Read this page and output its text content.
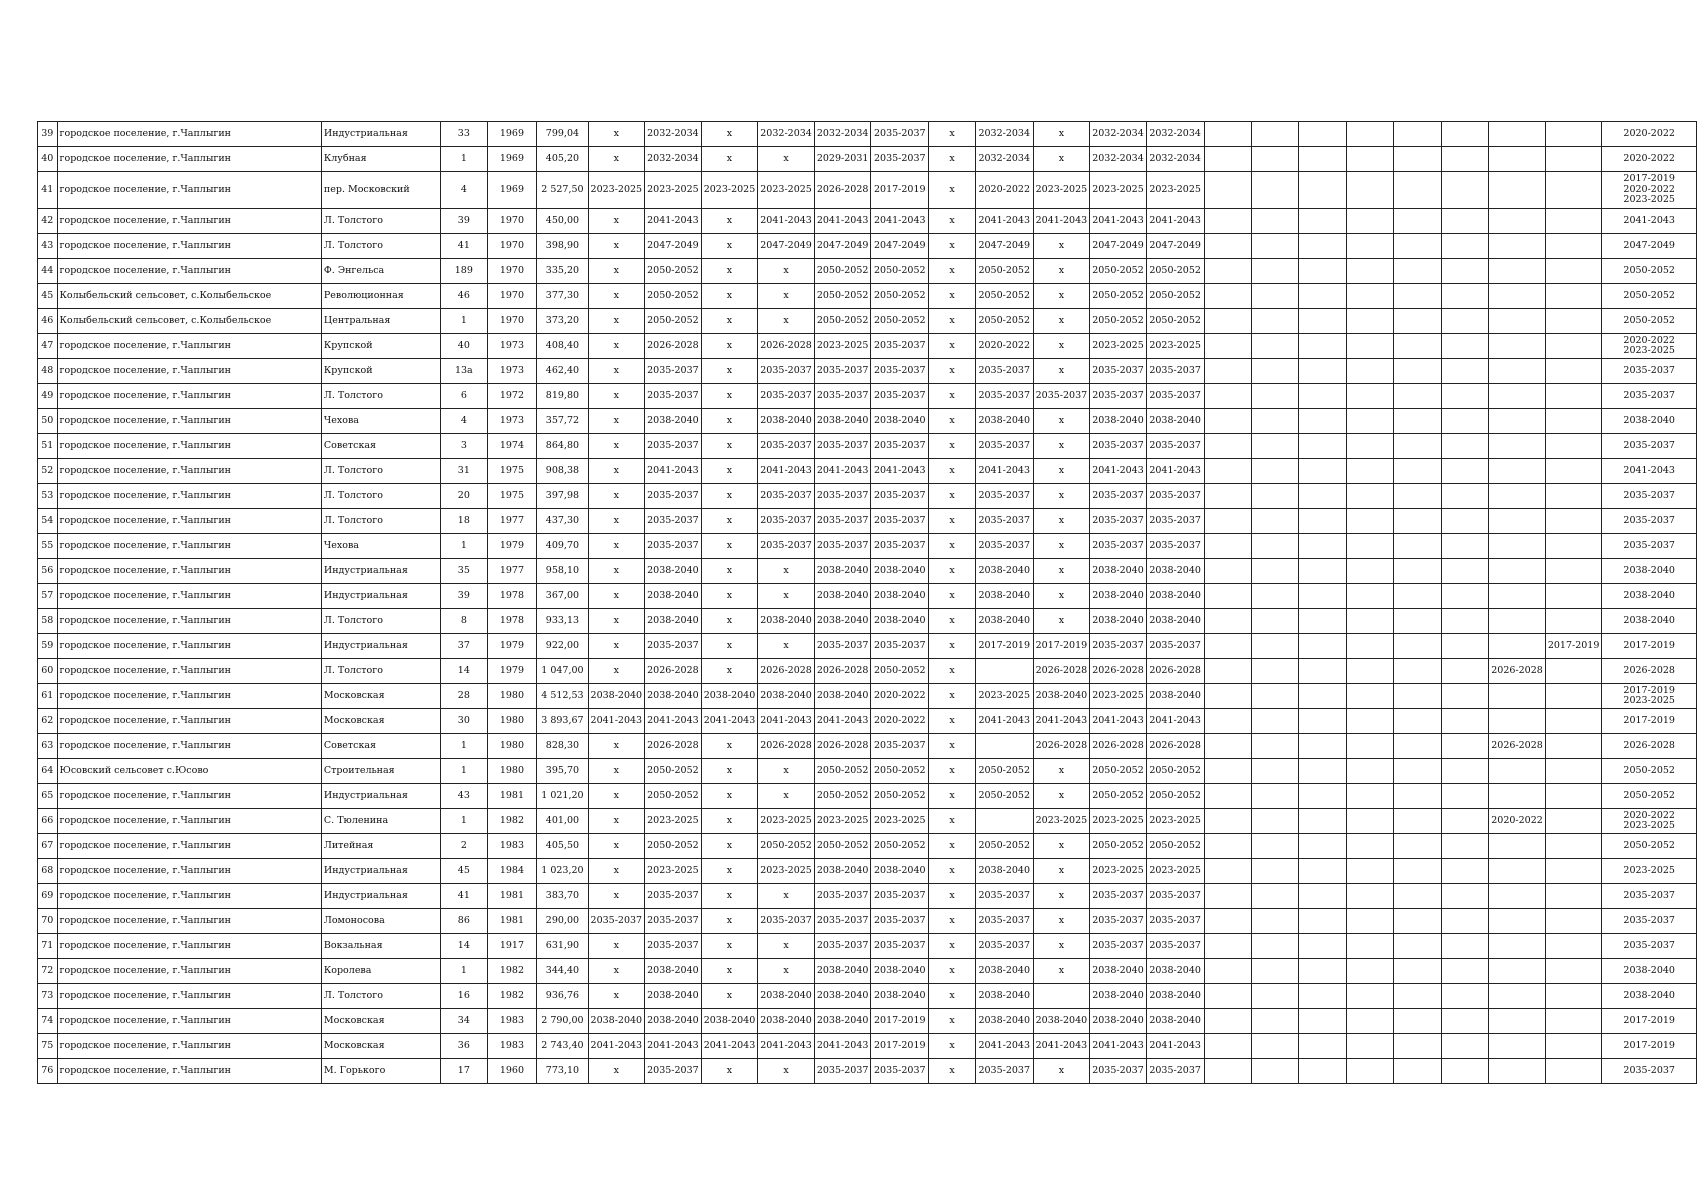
39	городское поселение, г.Чаплыгин	Индустриальная	33	1969	799,04	х	2032-2034	х	2032-2034	2032-2034	2035-2037	х	2032-2034	х	2032-2034	2032-2034									2020-2022
40	городское поселение, г.Чаплыгин	Клубная	1	1969	405,20	х	2032-2034	х	х	2029-2031	2035-2037	х	2032-2034	х	2032-2034	2032-2034									2020-2022
41	городское поселение, г.Чаплыгин	пер. Московский	4	1969	2 527,50	2023-2025	2023-2025	2023-2025	2023-2025	2026-2028	2017-2019	х	2020-2022	2023-2025	2023-2025	2023-2025									2017-2019
2020-2022
2023-2025
42	городское поселение, г.Чаплыгин	Л. Толстого	39	1970	450,00	х	2041-2043	х	2041-2043	2041-2043	2041-2043	х	2041-2043	2041-2043	2041-2043	2041-2043									2041-2043
43	городское поселение, г.Чаплыгин	Л. Толстого	41	1970	398,90	х	2047-2049	х	2047-2049	2047-2049	2047-2049	х	2047-2049	х	2047-2049	2047-2049									2047-2049
44	городское поселение, г.Чаплыгин	Ф. Энгельса	189	1970	335,20	х	2050-2052	х	х	2050-2052	2050-2052	х	2050-2052	х	2050-2052	2050-2052									2050-2052
45	Колыбельский сельсовет, с.Колыбельское	Революционная	46	1970	377,30	х	2050-2052	х	х	2050-2052	2050-2052	х	2050-2052	х	2050-2052	2050-2052									2050-2052
46	Колыбельский сельсовет, с.Колыбельское	Центральная	1	1970	373,20	х	2050-2052	х	х	2050-2052	2050-2052	х	2050-2052	х	2050-2052	2050-2052									2050-2052
47	городское поселение, г.Чаплыгин	Крупской	40	1973	408,40	х	2026-2028	х	2026-2028	2023-2025	2035-2037	х	2020-2022	х	2023-2025	2023-2025									2020-2022
2023-2025
48	городское поселение, г.Чаплыгин	Крупской	13а	1973	462,40	х	2035-2037	х	2035-2037	2035-2037	2035-2037	х	2035-2037	х	2035-2037	2035-2037									2035-2037
49	городское поселение, г.Чаплыгин	Л. Толстого	6	1972	819,80	х	2035-2037	х	2035-2037	2035-2037	2035-2037	х	2035-2037	2035-2037	2035-2037	2035-2037									2035-2037
50	городское поселение, г.Чаплыгин	Чехова	4	1973	357,72	х	2038-2040	х	2038-2040	2038-2040	2038-2040	х	2038-2040	х	2038-2040	2038-2040									2038-2040
51	городское поселение, г.Чаплыгин	Советская	3	1974	864,80	х	2035-2037	х	2035-2037	2035-2037	2035-2037	х	2035-2037	х	2035-2037	2035-2037									2035-2037
52	городское поселение, г.Чаплыгин	Л. Толстого	31	1975	908,38	х	2041-2043	х	2041-2043	2041-2043	2041-2043	х	2041-2043	х	2041-2043	2041-2043									2041-2043
53	городское поселение, г.Чаплыгин	Л. Толстого	20	1975	397,98	х	2035-2037	х	2035-2037	2035-2037	2035-2037	х	2035-2037	х	2035-2037	2035-2037									2035-2037
54	городское поселение, г.Чаплыгин	Л. Толстого	18	1977	437,30	х	2035-2037	х	2035-2037	2035-2037	2035-2037	х	2035-2037	х	2035-2037	2035-2037									2035-2037
55	городское поселение, г.Чаплыгин	Чехова	1	1979	409,70	х	2035-2037	х	2035-2037	2035-2037	2035-2037	х	2035-2037	х	2035-2037	2035-2037									2035-2037
56	городское поселение, г.Чаплыгин	Индустриальная	35	1977	958,10	х	2038-2040	х	х	2038-2040	2038-2040	х	2038-2040	х	2038-2040	2038-2040									2038-2040
57	городское поселение, г.Чаплыгин	Индустриальная	39	1978	367,00	х	2038-2040	х	х	2038-2040	2038-2040	х	2038-2040	х	2038-2040	2038-2040									2038-2040
58	городское поселение, г.Чаплыгин	Л. Толстого	8	1978	933,13	х	2038-2040	х	2038-2040	2038-2040	2038-2040	х	2038-2040	х	2038-2040	2038-2040									2038-2040
59	городское поселение, г.Чаплыгин	Индустриальная	37	1979	922,00	х	2035-2037	х	х	2035-2037	2035-2037	х	2017-2019	2017-2019	2035-2037	2035-2037								2017-2019	2017-2019
60	городское поселение, г.Чаплыгин	Л. Толстого	14	1979	1 047,00	х	2026-2028	х	2026-2028	2026-2028	2050-2052	х		2026-2028	2026-2028	2026-2028							2026-2028		2026-2028
61	городское поселение, г.Чаплыгин	Московская	28	1980	4 512,53	2038-2040	2038-2040	2038-2040	2038-2040	2038-2040	2020-2022	х	2023-2025	2038-2040	2023-2025	2038-2040									2017-2019
2023-2025
62	городское поселение, г.Чаплыгин	Московская	30	1980	3 893,67	2041-2043	2041-2043	2041-2043	2041-2043	2041-2043	2020-2022	х	2041-2043	2041-2043	2041-2043	2041-2043									2017-2019
63	городское поселение, г.Чаплыгин	Советская	1	1980	828,30	х	2026-2028	х	2026-2028	2026-2028	2035-2037	х		2026-2028	2026-2028	2026-2028							2026-2028		2026-2028
64	Юсовский сельсовет с.Юсово	Строительная	1	1980	395,70	х	2050-2052	х	х	2050-2052	2050-2052	х	2050-2052	х	2050-2052	2050-2052									2050-2052
65	городское поселение, г.Чаплыгин	Индустриальная	43	1981	1 021,20	х	2050-2052	х	х	2050-2052	2050-2052	х	2050-2052	х	2050-2052	2050-2052									2050-2052
66	городское поселение, г.Чаплыгин	С. Тюленина	1	1982	401,00	х	2023-2025	х	2023-2025	2023-2025	2023-2025	х		2023-2025	2023-2025	2023-2025							2020-2022		2020-2022
2023-2025
67	городское поселение, г.Чаплыгин	Литейная	2	1983	405,50	х	2050-2052	х	2050-2052	2050-2052	2050-2052	х	2050-2052	х	2050-2052	2050-2052									2050-2052
68	городское поселение, г.Чаплыгин	Индустриальная	45	1984	1 023,20	х	2023-2025	х	2023-2025	2038-2040	2038-2040	х	2038-2040	х	2023-2025	2023-2025									2023-2025
69	городское поселение, г.Чаплыгин	Индустриальная	41	1981	383,70	х	2035-2037	х	х	2035-2037	2035-2037	х	2035-2037	х	2035-2037	2035-2037									2035-2037
70	городское поселение, г.Чаплыгин	Ломоносова	86	1981	290,00	2035-2037	2035-2037	х	2035-2037	2035-2037	2035-2037	х	2035-2037	х	2035-2037	2035-2037									2035-2037
71	городское поселение, г.Чаплыгин	Вокзальная	14	1917	631,90	х	2035-2037	х	х	2035-2037	2035-2037	х	2035-2037	х	2035-2037	2035-2037									2035-2037
72	городское поселение, г.Чаплыгин	Королева	1	1982	344,40	х	2038-2040	х	х	2038-2040	2038-2040	х	2038-2040	х	2038-2040	2038-2040									2038-2040
73	городское поселение, г.Чаплыгин	Л. Толстого	16	1982	936,76	х	2038-2040	х	2038-2040	2038-2040	2038-2040	х	2038-2040		2038-2040	2038-2040									2038-2040
74	городское поселение, г.Чаплыгин	Московская	34	1983	2 790,00	2038-2040	2038-2040	2038-2040	2038-2040	2038-2040	2017-2019	х	2038-2040	2038-2040	2038-2040	2038-2040									2017-2019
75	городское поселение, г.Чаплыгин	Московская	36	1983	2 743,40	2041-2043	2041-2043	2041-2043	2041-2043	2041-2043	2017-2019	х	2041-2043	2041-2043	2041-2043	2041-2043									2017-2019
76	городское поселение, г.Чаплыгин	М. Горького	17	1960	773,10	х	2035-2037	х	х	2035-2037	2035-2037	х	2035-2037	х	2035-2037	2035-2037									2035-2037
